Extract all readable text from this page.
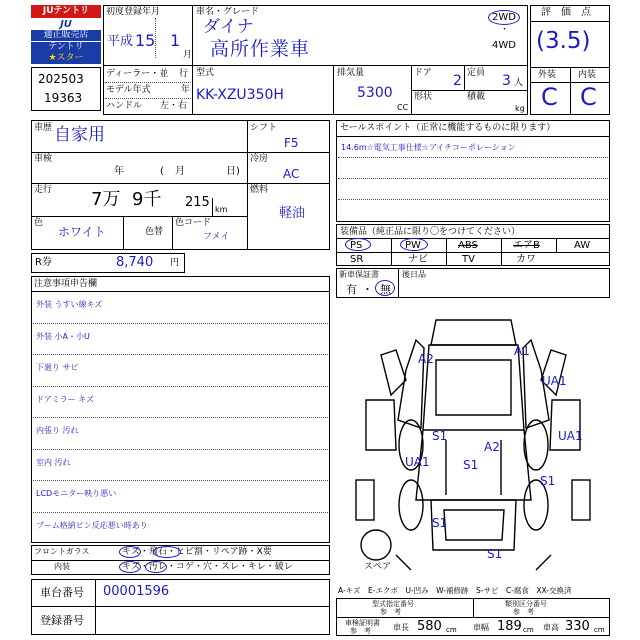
JUテントリ
JU
適正販売店
テントリ
★スター
202503
19363
初度登録年月
平成 15 1
月
車名・グレード
ダイナ
高所作業車
2WD
・
4WD
ディーラー・並 行
モデル年式	年
ハンドル 左・右
型式
KK-XZU350H
排気量
5300
CC
ドア 2 定員 3 人
形状	積載
kg
評　価　点
(3.5)
外装 内装
C C
車歴 自家用
車検
年	月	日)
(
走行 7万 9千 215 km
色
ホワイト	色替
色コード
フメイ
シフト
F5
冷房
AC
燃料
軽油
R券	8,740 円
セールスポイント（正常に機能するものに限ります）
14.6m☆電気工事仕様☆アイチコーポレーション
装備品（純正品に限り〇をつけてください）
PS	PW	ABS	エアB	AW
SR	ナビ	TV	カワ
新車保証書
有 ・ 無
後日品
注意事項申告欄
外装 うすい線キズ
外装 小A・小U
下廻り サビ
ドアミラー キズ
内張り 汚れ
室内 汚れ
LCDモニター映り悪い
ブーム格納ピン反応悪い時あり
フロントガラス	キズ・飛石・ヒビ割・リペア跡・X要
内装	キズ・汚レ・コゲ・穴・スレ・キレ・破レ
車台番号 00001596
登録番号
A1
A2
UA1
UA1
S1
A2
S1
UA1
S1
S1
S1
スペア
A-キズ　E-エクボ　U-凹み　W-補修跡　S-サビ　C-腐食　XX-交換済
型式指定番号
参　考
類別区分番号
参　考
車検証明書
参　考	車長 580 cm 車幅 189 cm 車高 330 cm
